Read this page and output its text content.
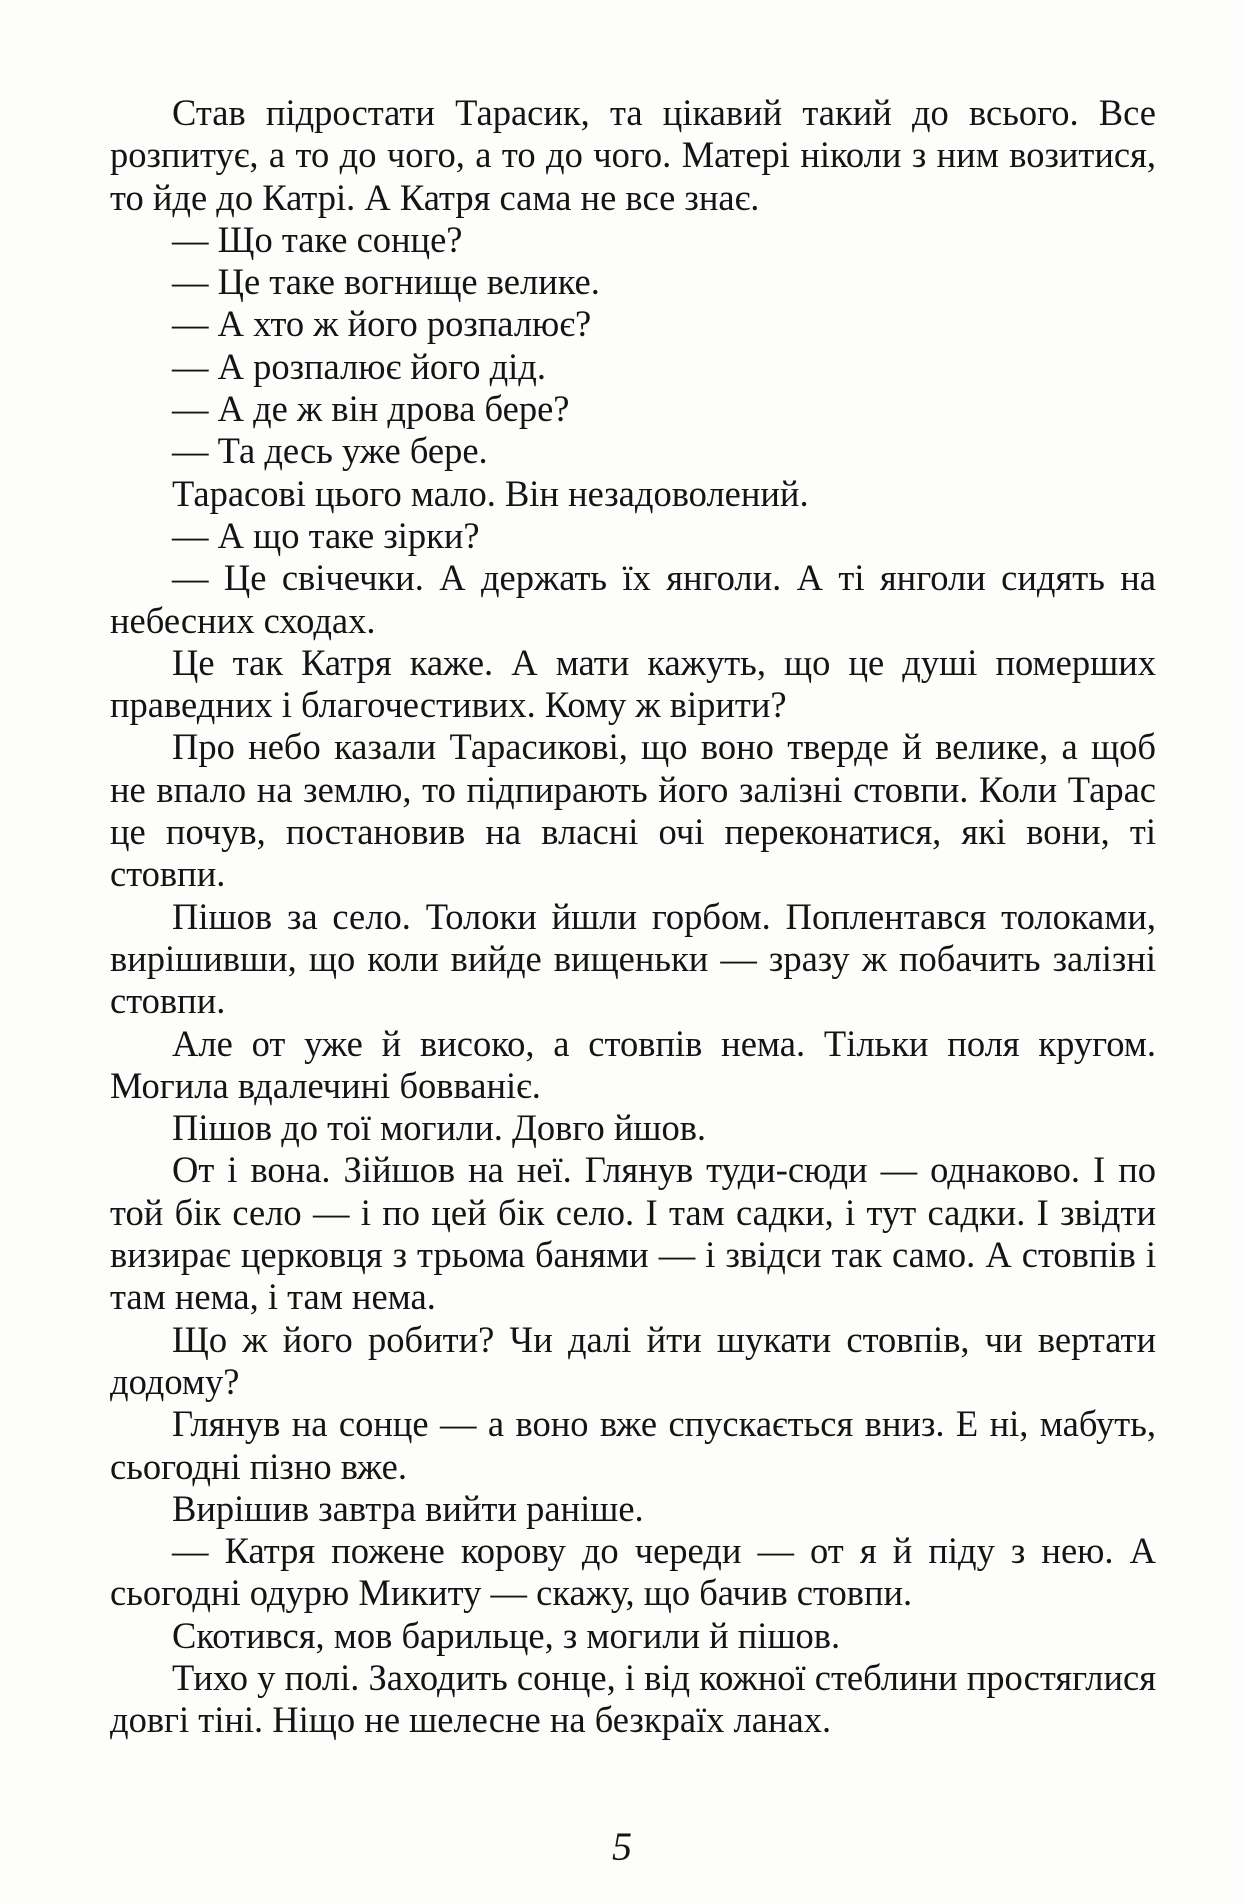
Став підростати Тарасик, та цікавий такий до всього. Все розпитує, а то до чого, а то до чого. Матері ніколи з ним возитися, то йде до Катрі. А Катря сама не все знає.

— Що таке сонце?

— Це таке вогнище велике.

— А хто ж його розпалює?

— А розпалює його дід.

— А де ж він дрова бере?

— Та десь уже бере.

Тарасові цього мало. Він незадоволений.

— А що таке зірки?

— Це свічечки. А держать їх янголи. А ті янголи сидять на небесних сходах.

Це так Катря каже. А мати кажуть, що це душі померших праведних і благочестивих. Кому ж вірити?

Про небо казали Тарасикові, що воно тверде й велике, а щоб не впало на землю, то підпирають його залізні стовпи. Коли Тарас це почув, постановив на власні очі переконатися, які вони, ті стовпи.

Пішов за село. Толоки йшли горбом. Поплентався толоками, вирішивши, що коли вийде вищеньки — зразу ж побачить залізні стовпи.

Але от уже й високо, а стовпів нема. Тільки поля кругом. Могила вдалечині бовваніє.

Пішов до тої могили. Довго йшов.

От і вона. Зійшов на неї. Глянув туди-сюди — однаково. І по той бік село — і по цей бік село. І там садки, і тут садки. І звідти визирає церковця з трьома банями — і звідси так само. А стовпів і там нема, і там нема.

Що ж його робити? Чи далі йти шукати стовпів, чи вертати додому?

Глянув на сонце — а воно вже спускається вниз. Е ні, мабуть, сьогодні пізно вже.

Вирішив завтра вийти раніше.

— Катря пожене корову до череди — от я й піду з нею. А сьогодні одурю Микиту — скажу, що бачив стовпи.

Скотився, мов барильце, з могили й пішов.

Тихо у полі. Заходить сонце, і від кожної стеблини простяглися довгі тіні. Ніщо не шелесне на безкраїх ланах.

5
